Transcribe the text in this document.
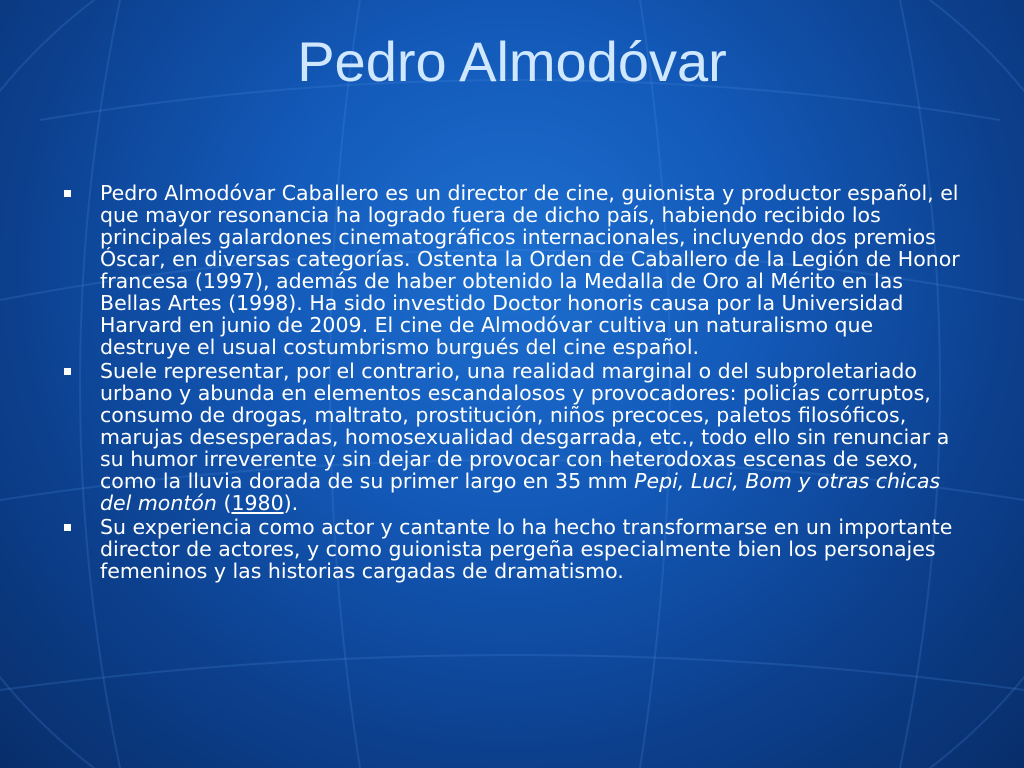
Pedro Almodóvar
Pedro Almodóvar Caballero es un director de cine, guionista y productor español, el que mayor resonancia ha logrado fuera de dicho país, habiendo recibido los principales galardones cinematográficos internacionales, incluyendo dos premios Óscar, en diversas categorías. Ostenta la Orden de Caballero de la Legión de Honor francesa (1997), además de haber obtenido la Medalla de Oro al Mérito en las Bellas Artes (1998). Ha sido investido Doctor honoris causa por la Universidad Harvard en junio de 2009. El cine de Almodóvar cultiva un naturalismo que destruye el usual costumbrismo burgués del cine español.
Suele representar, por el contrario, una realidad marginal o del subproletariado urbano y abunda en elementos escandalosos y provocadores: policías corruptos, consumo de drogas, maltrato, prostitución, niños precoces, paletos filosóficos, marujas desesperadas, homosexualidad desgarrada, etc., todo ello sin renunciar a su humor irreverente y sin dejar de provocar con heterodoxas escenas de sexo, como la lluvia dorada de su primer largo en 35 mm Pepi, Luci, Bom y otras chicas del montón (1980).
Su experiencia como actor y cantante lo ha hecho transformarse en un importante director de actores, y como guionista pergeña especialmente bien los personajes femeninos y las historias cargadas de dramatismo.
